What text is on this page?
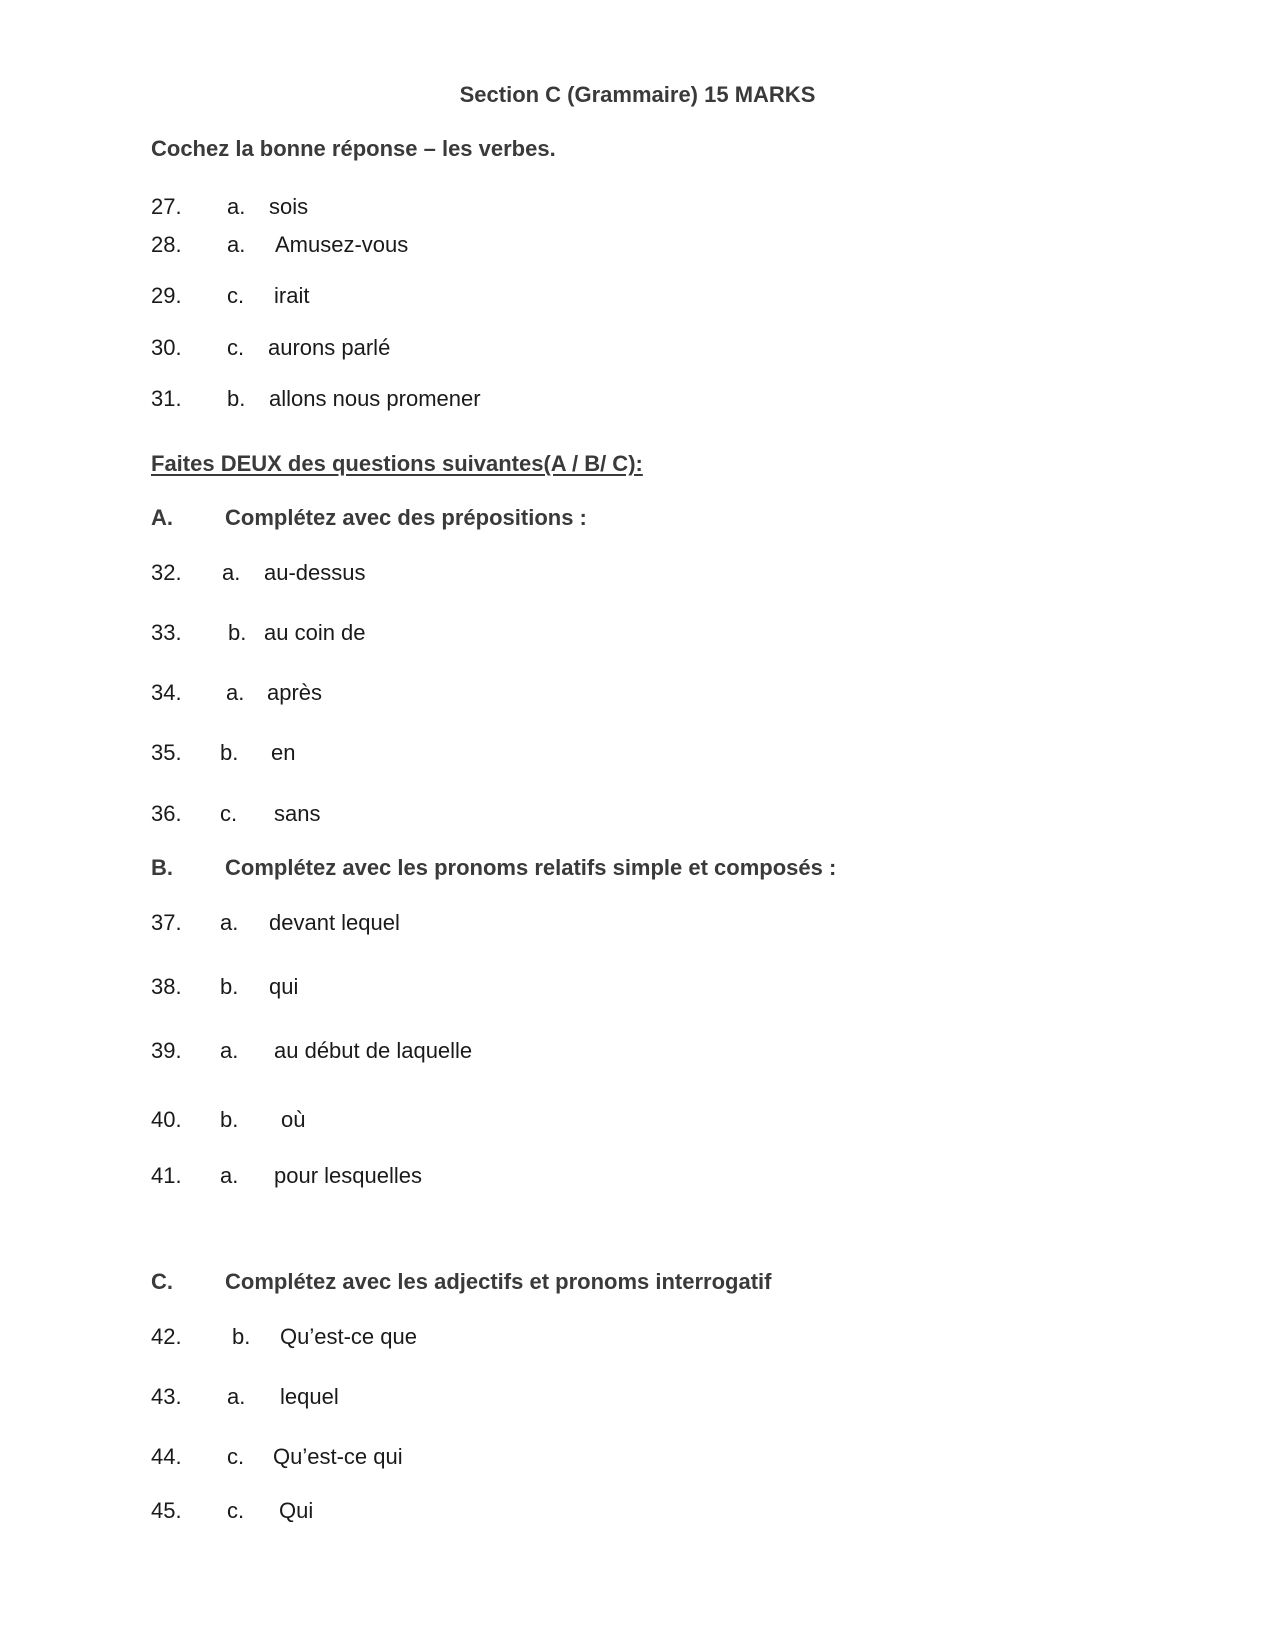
Section C (Grammaire) 15 MARKS
Cochez la bonne réponse – les verbes.
27. a. sois
28. a. Amusez-vous
29. c. irait
30. c. aurons parlé
31. b. allons nous promener
Faites DEUX des questions suivantes(A / B/ C):
A. Complétez avec des prépositions :
32. a. au-dessus
33. b. au coin de
34. a. après
35. b. en
36. c. sans
B. Complétez avec les pronoms relatifs simple et composés :
37. a. devant lequel
38. b. qui
39. a. au début de laquelle
40. b. où
41. a. pour lesquelles
C. Complétez avec les adjectifs et pronoms interrogatif
42. b. Qu’est-ce que
43. a. lequel
44. c. Qu’est-ce qui
45. c. Qui
